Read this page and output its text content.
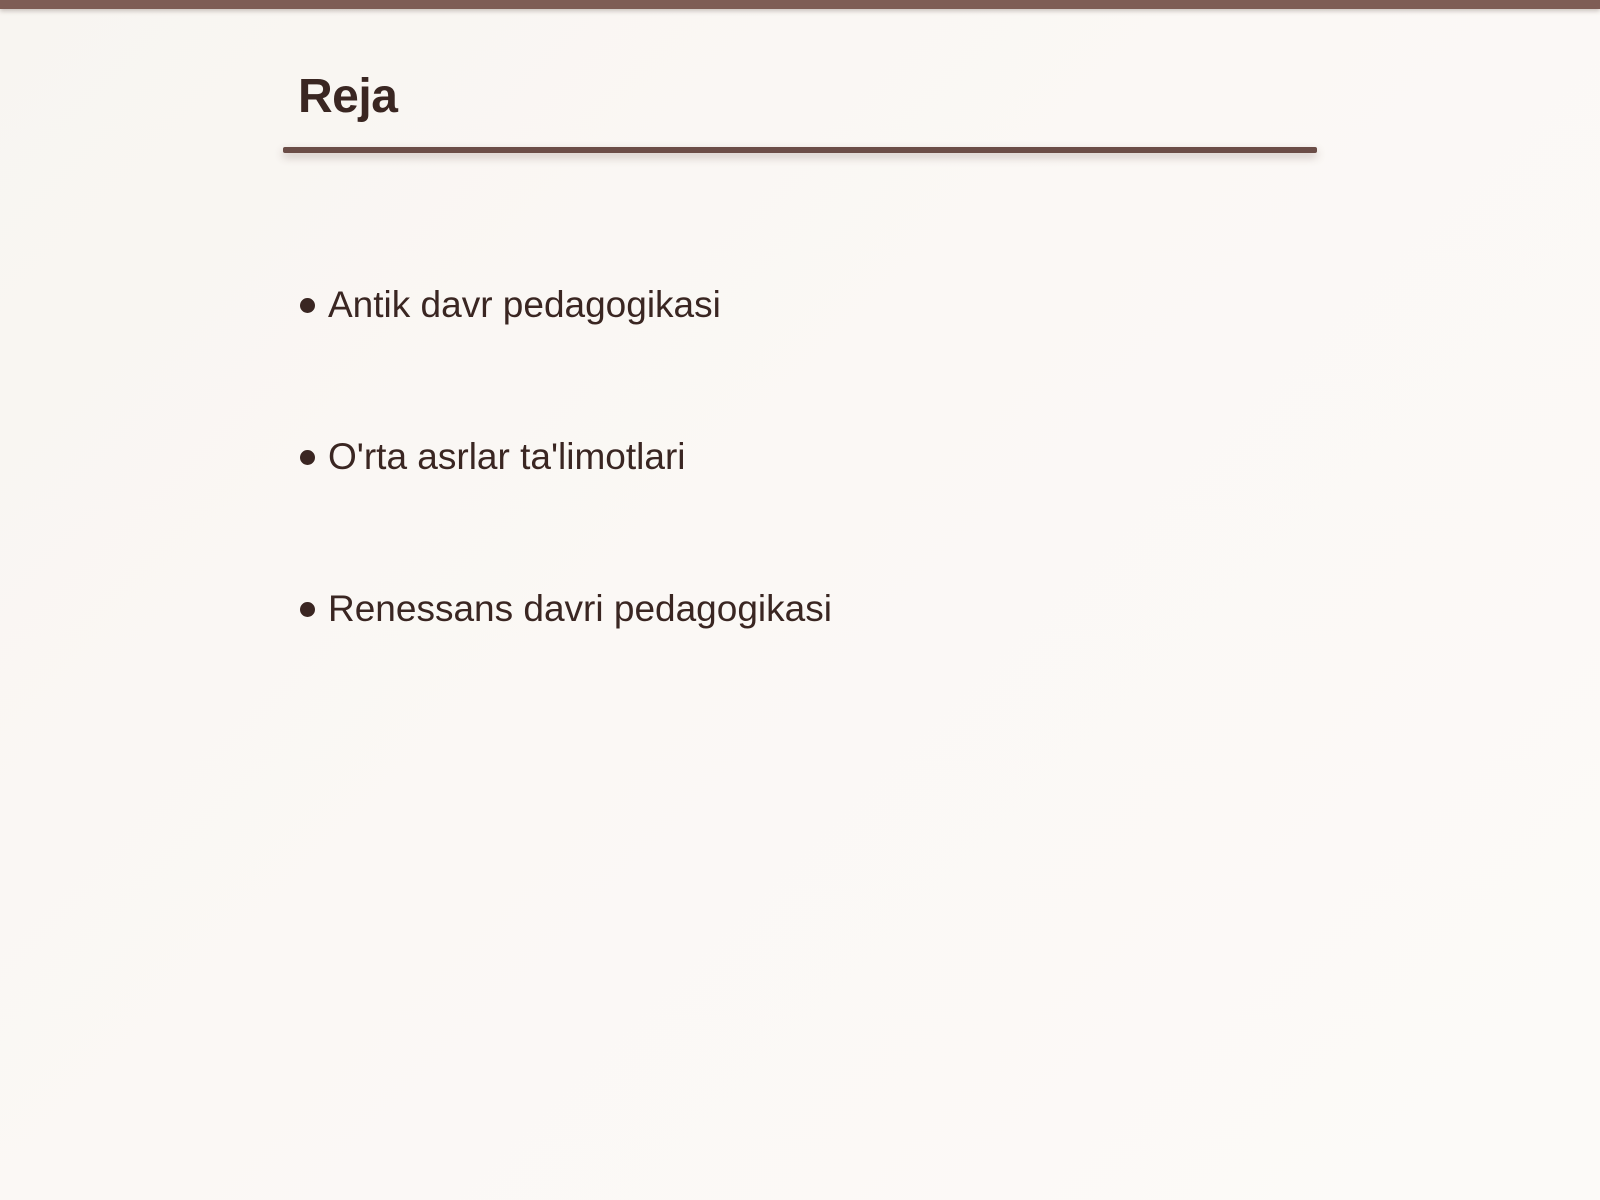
Reja
Antik davr pedagogikasi
O'rta asrlar ta'limotlari
Renessans davri pedagogikasi
